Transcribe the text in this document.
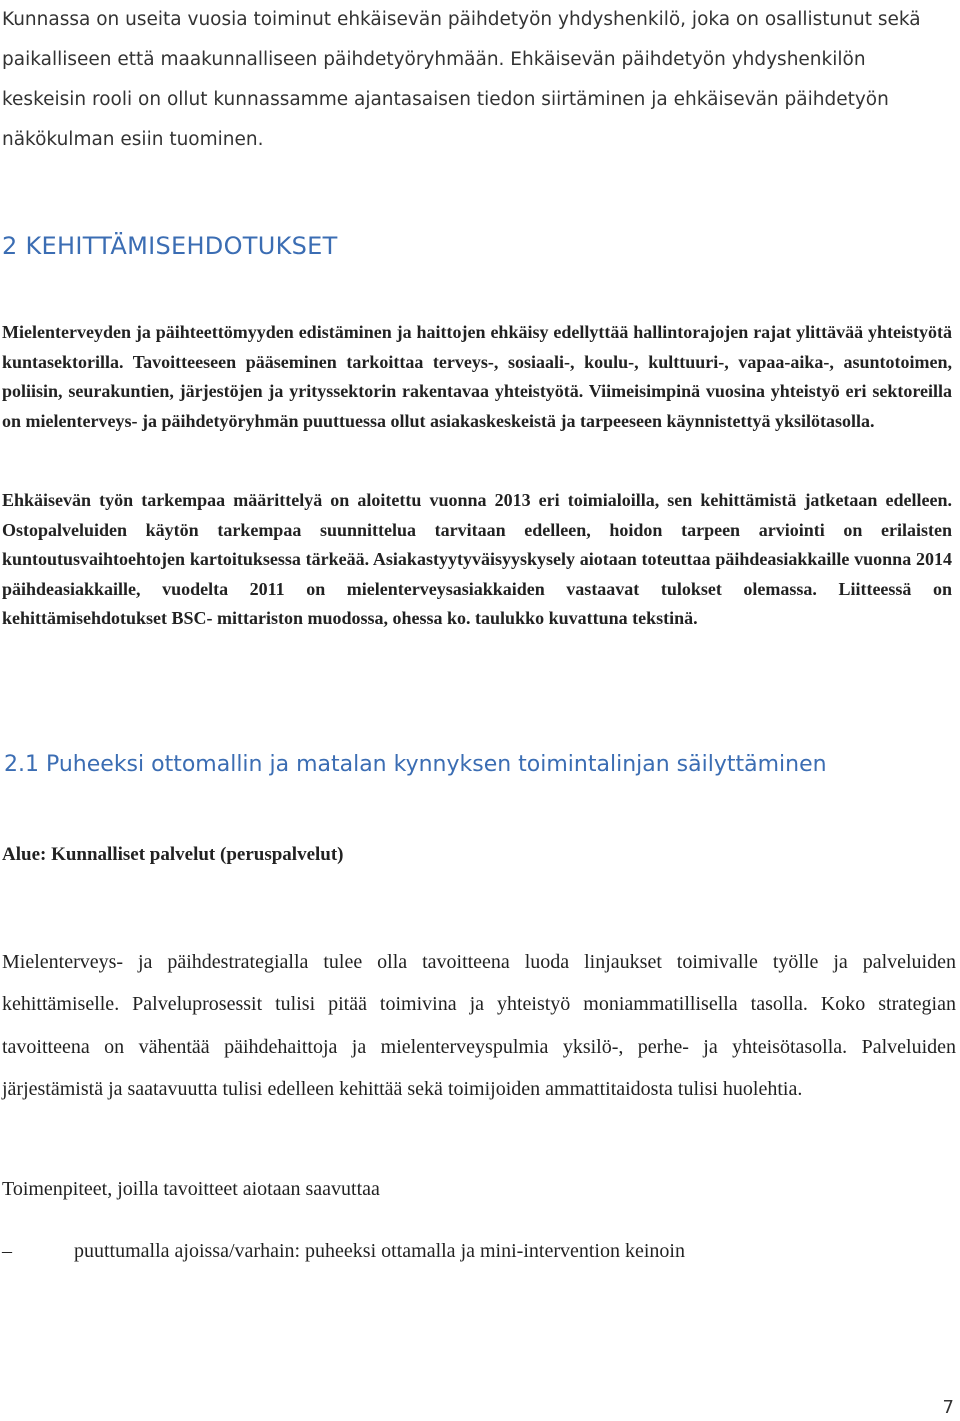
Kunnassa on useita vuosia toiminut ehkäisevän päihdetyön yhdyshenkilö, joka on osallistunut sekä paikalliseen että maakunnalliseen päihdetyöryhmään. Ehkäisevän päihdetyön yhdyshenkilön keskeisin rooli on ollut kunnassamme ajantasaisen tiedon siirtäminen ja ehkäisevän päihdetyön näkökulman esiin tuominen.

2 KEHITTÄMISEHDOTUKSET

Mielenterveyden ja päihteettömyyden edistäminen ja haittojen ehkäisy edellyttää hallintorajojen rajat ylittävää yhteistyötä kuntasektorilla. Tavoitteeseen pääseminen tarkoittaa terveys-, sosiaali-, koulu-, kulttuuri-, vapaa-aika-, asuntotoimen, poliisin, seurakuntien, järjestöjen ja yrityssektorin rakentavaa yhteistyötä. Viimeisimpinä vuosina yhteistyö eri sektoreilla on mielenterveys- ja päihdetyöryhmän puuttuessa ollut asiakaskeskeistä ja tarpeeseen käynnistettyä yksilötasolla.

Ehkäisevän työn tarkempaa määrittelyä on aloitettu vuonna 2013 eri toimialoilla, sen kehittämistä jatketaan edelleen. Ostopalveluiden käytön tarkempaa suunnittelua tarvitaan edelleen, hoidon tarpeen arviointi on erilaisten kuntoutusvaihtoehtojen kartoituksessa tärkeää. Asiakastyytyväisyyskysely aiotaan toteuttaa päihdeasiakkaille vuonna 2014 päihdeasiakkaille, vuodelta 2011 on mielenterveysasiakkaiden vastaavat tulokset olemassa. Liitteessä on kehittämisehdotukset BSC- mittariston muodossa, ohessa ko. taulukko kuvattuna tekstinä.

2.1 Puheeksi ottomallin ja matalan kynnyksen toimintalinjan säilyttäminen

Alue: Kunnalliset palvelut (peruspalvelut)

Mielenterveys- ja päihdestrategialla tulee olla tavoitteena luoda linjaukset toimivalle työlle ja palveluiden kehittämiselle. Palveluprosessit tulisi pitää toimivina ja yhteistyö moniammatillisella tasolla. Koko strategian tavoitteena on vähentää päihdehaittoja ja mielenterveyspulmia yksilö-, perhe- ja yhteisötasolla. Palveluiden järjestämistä ja saatavuutta tulisi edelleen kehittää sekä toimijoiden ammattitaidosta tulisi huolehtia.

Toimenpiteet, joilla tavoitteet aiotaan saavuttaa

–	puuttumalla ajoissa/varhain: puheeksi ottamalla ja mini-intervention keinoin
7
